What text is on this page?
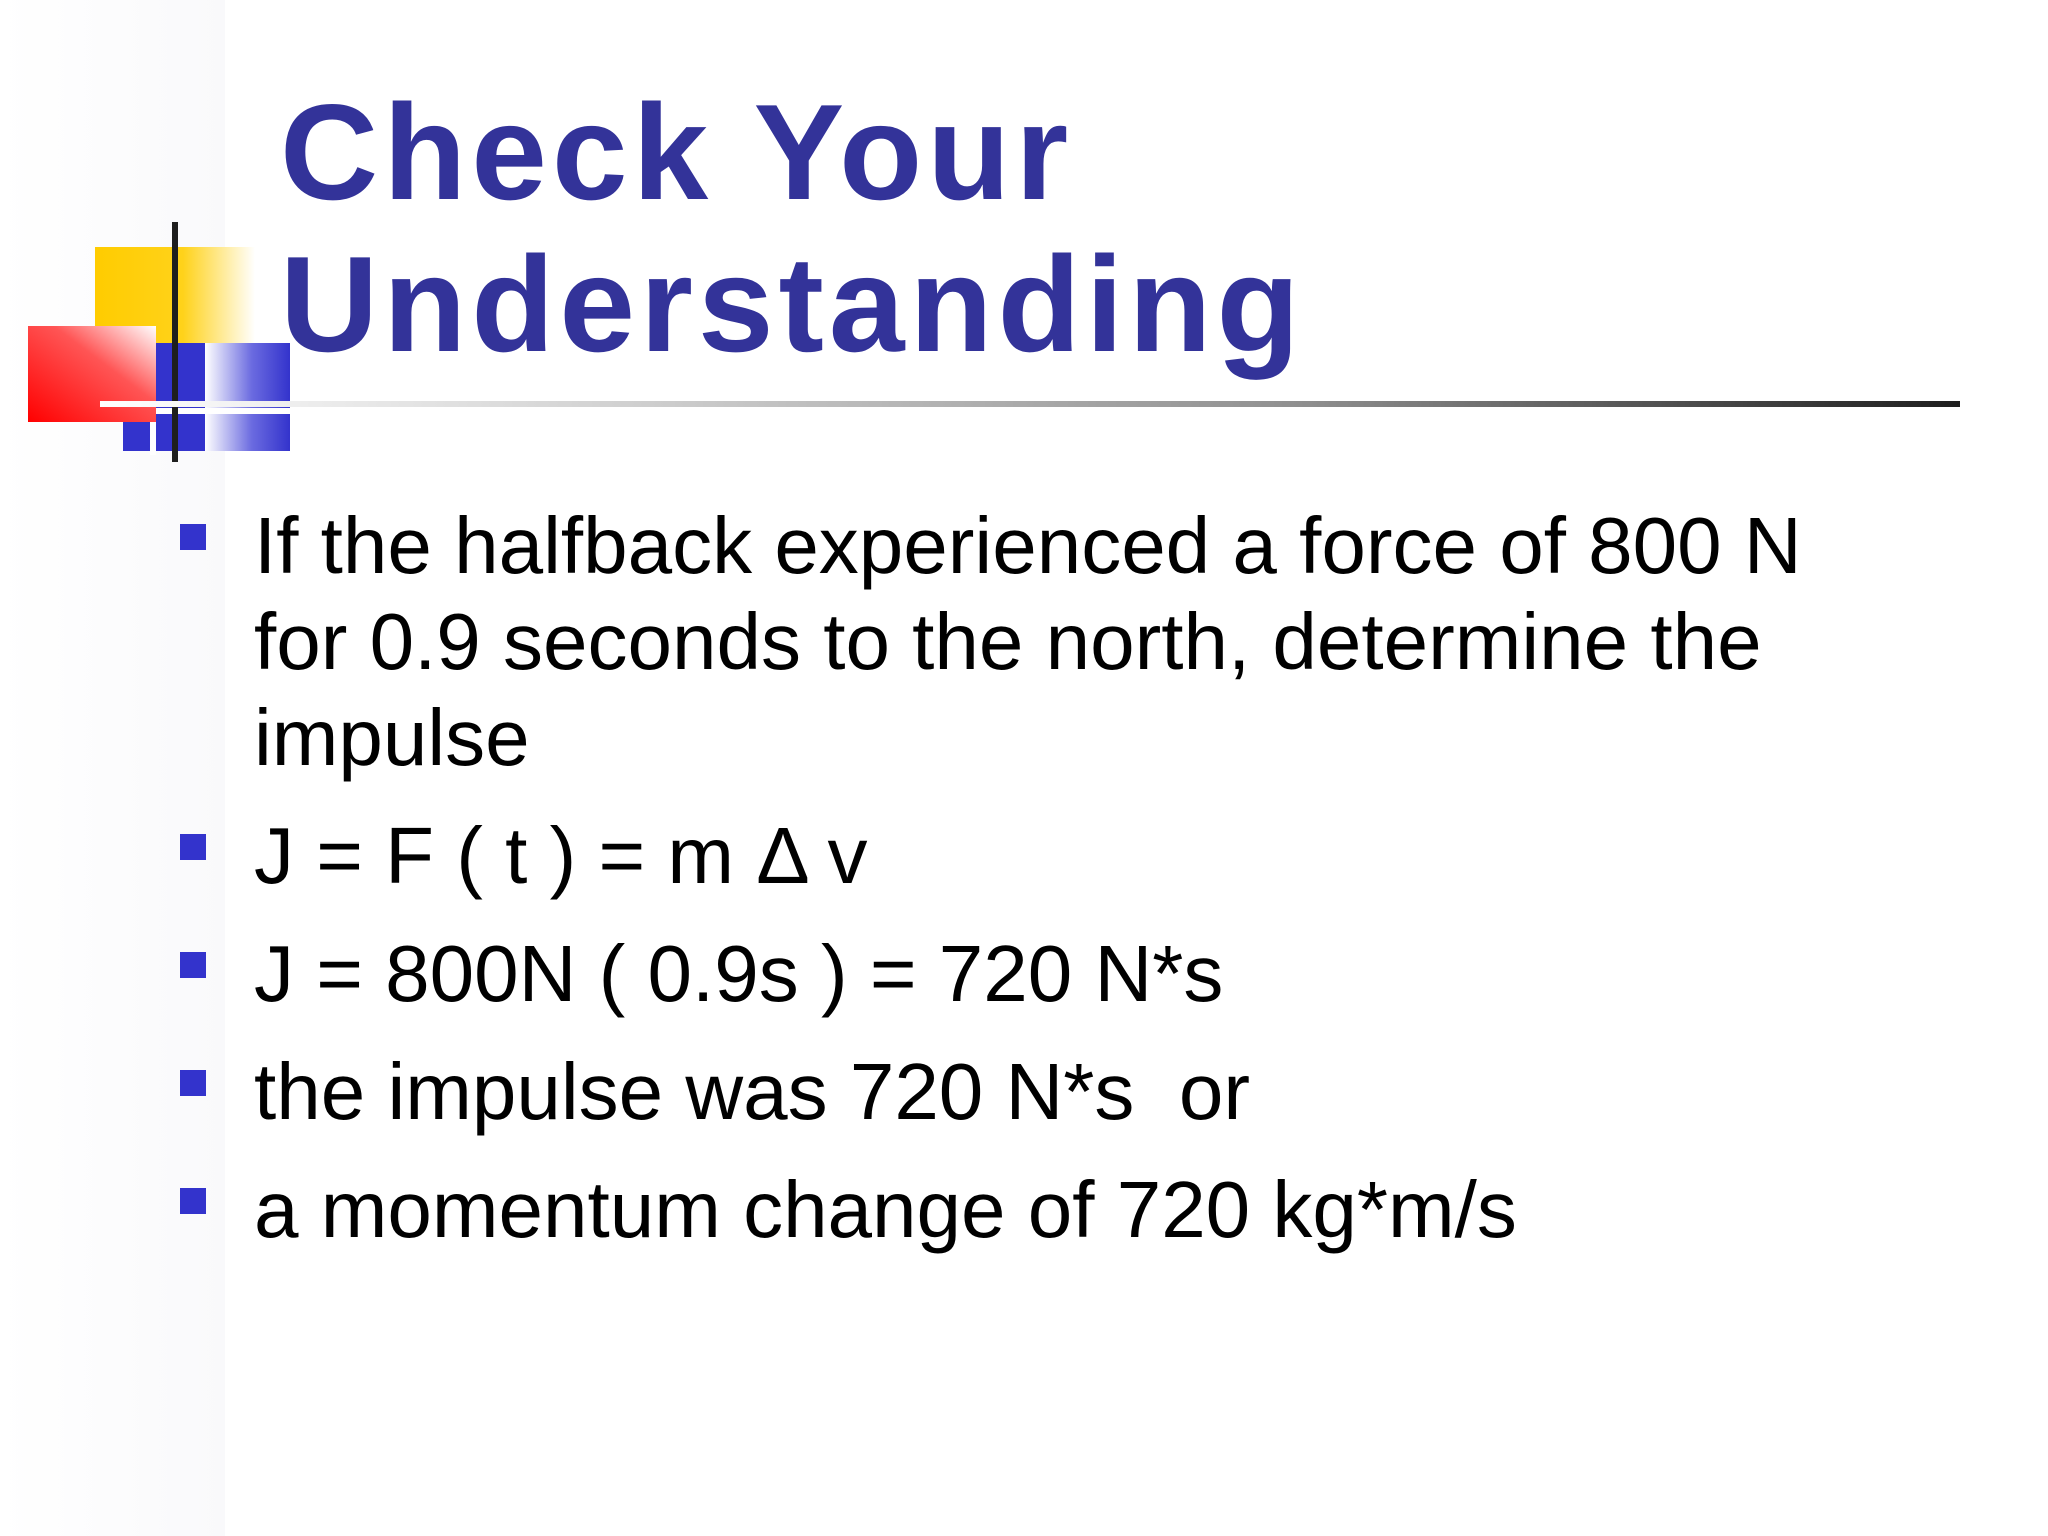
Check Your
Understanding
If the halfback experienced a force of 800 N for 0.9 seconds to the north, determine the impulse
J = F ( t ) = m Δ v
J = 800N ( 0.9s ) = 720 N*s
the impulse was 720 N*s  or
a momentum change of 720 kg*m/s
